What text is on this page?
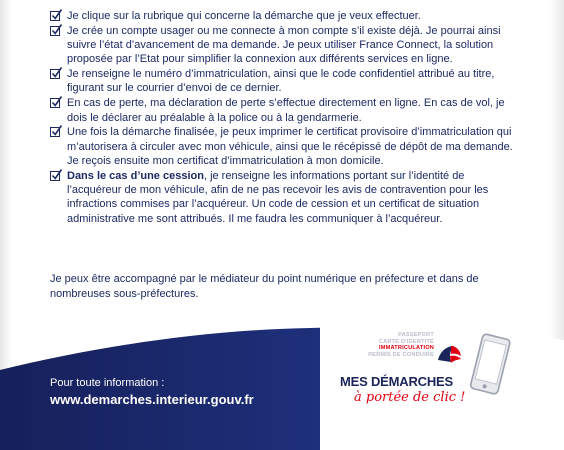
Je clique sur la rubrique qui concerne la démarche que je veux effectuer.
Je crée un compte usager ou me connecte à mon compte s’il existe déjà. Je pourrai ainsi suivre l’état d’avancement de ma demande. Je peux utiliser France Connect, la solution proposée par l’Etat pour simplifier la connexion aux différents services en ligne.
Je renseigne le numéro d’immatriculation, ainsi que le code confidentiel attribué au titre, figurant sur le courrier d’envoi de ce dernier.
En cas de perte, ma déclaration de perte s’effectue directement en ligne. En cas de vol, je dois le déclarer au préalable à la police ou à la gendarmerie.
Une fois la démarche finalisée, je peux imprimer le certificat provisoire d’immatriculation qui m’autorisera à circuler avec mon véhicule, ainsi que le récépissé de dépôt de ma demande. Je reçois ensuite mon certificat d’immatriculation à mon domicile.
Dans le cas d’une cession, je renseigne les informations portant sur l’identité de l’acquéreur de mon véhicule, afin de ne pas recevoir les avis de contravention pour les infractions commises par l’acquéreur. Un code de cession et un certificat de situation administrative me sont attribués. Il me faudra les communiquer à l’acquéreur.

Je peux être accompagné par le médiateur du point numérique en préfecture et dans de nombreuses sous-préfectures.

Pour toute information :
www.demarches.interieur.gouv.fr
PASSEPORT
CARTE D’IDENTITÉ
IMMATRICULATION
PERMIS DE CONDUIRE
MES DÉMARCHES
à portée de clic !
